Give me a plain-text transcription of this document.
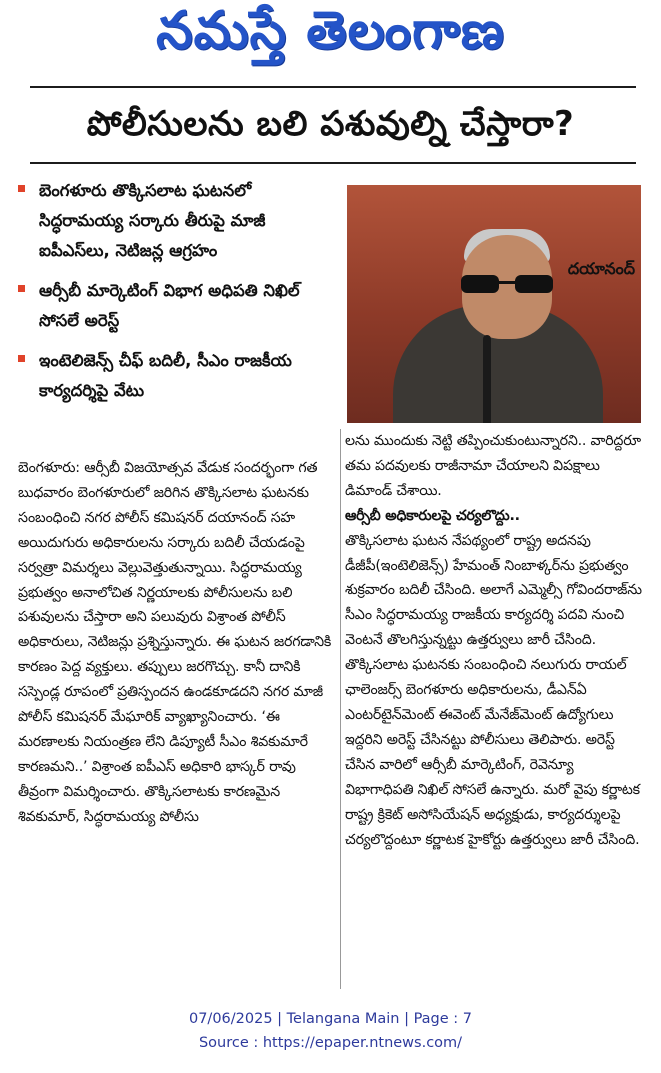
నమస్తే తెలంగాణ
పోలీసులను బలి పశువుల్ని చేస్తారా?
బెంగళూరు తొక్కిసలాట ఘటనలో సిద్ధరామయ్య సర్కారు తీరుపై మాజీ ఐపీఎస్‌లు, నెటిజన్ల ఆగ్రహం
ఆర్సీబీ మార్కెటింగ్ విభాగ అధిపతి నిఖిల్ సోసలే అరెస్ట్
ఇంటెలిజెన్స్ చీఫ్ బదిలీ, సీఎం రాజకీయ కార్యదర్శిపై వేటు
దయానంద్
బెంగళూరు: ఆర్సీబీ విజయోత్సవ వేడుక సందర్భంగా గత బుధవారం బెంగళూరులో జరిగిన తొక్కిసలాట ఘటనకు సంబంధించి నగర పోలీస్ కమిషనర్ దయానంద్ సహ అయిదుగురు అధికారులను సర్కారు బదిలీ చేయడంపై సర్వత్రా విమర్శలు వెల్లువెత్తుతున్నాయి. సిద్ధరామయ్య ప్రభుత్వం అనాలోచిత నిర్ణయాలకు పోలీసులను బలి పశువులను చేస్తారా అని పలువురు విశ్రాంత పోలీస్ అధికారులు, నెటిజన్లు ప్రశ్నిస్తున్నారు. ఈ ఘటన జరగడానికి కారణం పెద్ద వ్యక్తులు. తప్పులు జరగొచ్చు. కానీ దానికి సస్పెండ్ల రూపంలో ప్రతిస్పందన ఉండకూడదని నగర మాజీ పోలీస్ కమిషనర్ మేఘారిక్ వ్యాఖ్యానించారు. ‘ఈ మరణాలకు నియంత్రణ లేని డిప్యూటీ సీఎం శివకుమారే కారణమని..’ విశ్రాంత ఐపీఎస్ అధికారి భాస్కర్ రావు తీవ్రంగా విమర్శించారు. తొక్కిసలాటకు కారణమైన శివకుమార్, సిద్ధరామయ్య పోలీసు
లను ముందుకు నెట్టి తప్పించుకుంటున్నారని.. వారిద్దరూ తమ పదవులకు రాజీనామా చేయాలని విపక్షాలు డిమాండ్ చేశాయి.
ఆర్సీబీ అధికారులపై చర్యలొద్దు..
తొక్కిసలాట ఘటన నేపథ్యంలో రాష్ట్ర అదనపు డీజీపీ(ఇంటెలిజెన్స్) హేమంత్ నింబాళ్కర్‌ను ప్రభుత్వం శుక్రవారం బదిలీ చేసింది. అలాగే ఎమ్మెల్సీ గోవిందరాజ్‌ను సీఎం సిద్ధరామయ్య రాజకీయ కార్యదర్శి పదవి నుంచి వెంటనే తొలగిస్తున్నట్టు ఉత్తర్వులు జారీ చేసింది. తొక్కిసలాట ఘటనకు సంబంధించి నలుగురు రాయల్ ఛాలెంజర్స్ బెంగళూరు అధికారులను, డీఎన్ఏ ఎంటర్‌టైన్‌మెంట్ ఈవెంట్ మేనేజ్‌మెంట్ ఉద్యోగులు ఇద్దరిని అరెస్ట్ చేసినట్టు పోలీసులు తెలిపారు. అరెస్ట్ చేసిన వారిలో ఆర్సీబీ మార్కెటింగ్, రెవెన్యూ విభాగాధిపతి నిఖిల్ సోసలే ఉన్నారు. మరో వైపు కర్ణాటక రాష్ట్ర క్రికెట్ అసోసియేషన్ అధ్యక్షుడు, కార్యదర్శులపై చర్యలొద్దంటూ కర్ణాటక హైకోర్టు ఉత్తర్వులు జారీ చేసింది.
07/06/2025 | Telangana Main | Page : 7
Source : https://epaper.ntnews.com/
